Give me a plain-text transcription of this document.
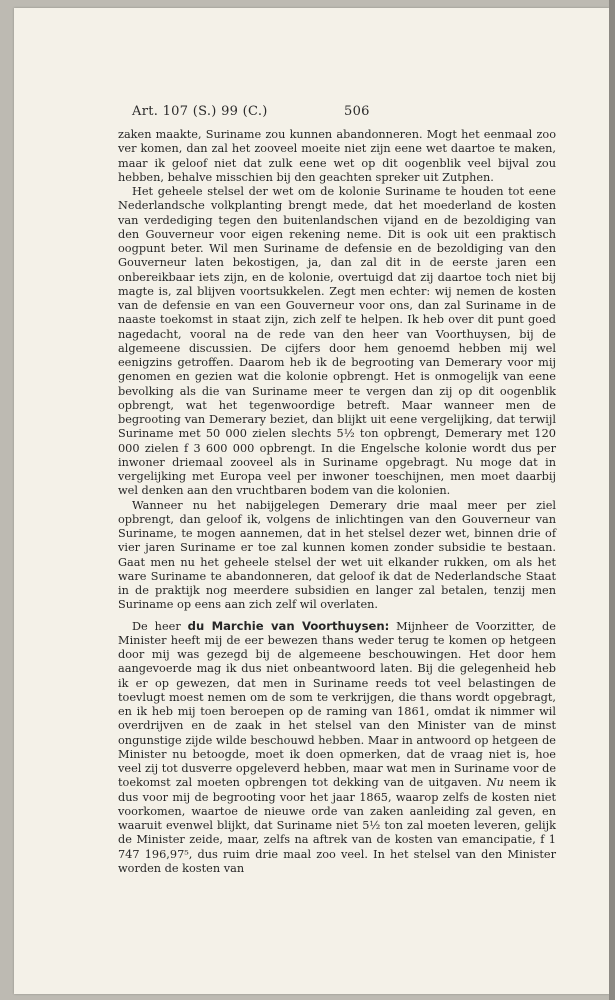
Art. 107 (S.) 99 (C.)	506

zaken maakte, Suriname zou kunnen abandonneren. Mogt het eenmaal zoo ver komen, dan zal het zooveel moeite niet zijn eene wet daartoe te maken, maar ik geloof niet dat zulk eene wet op dit oogenblik veel bijval zou hebben, behalve misschien bij den geachten spreker uit Zutphen.

Het geheele stelsel der wet om de kolonie Suriname te houden tot eene Nederlandsche volkplanting brengt mede, dat het moederland de kosten van verdediging tegen den buitenlandschen vijand en de bezoldiging van den Gouverneur voor eigen rekening neme. Dit is ook uit een praktisch oogpunt beter. Wil men Suriname de defensie en de bezoldiging van den Gouverneur laten bekostigen, ja, dan zal dit in de eerste jaren een onbereikbaar iets zijn, en de kolonie, overtuigd dat zij daartoe toch niet bij magte is, zal blijven voortsukkelen. Zegt men echter: wij nemen de kosten van de defensie en van een Gouverneur voor ons, dan zal Suriname in de naaste toekomst in staat zijn, zich zelf te helpen. Ik heb over dit punt goed nagedacht, vooral na de rede van den heer van Voorthuysen, bij de algemeene discussien. De cijfers door hem genoemd hebben mij wel eenigzins getroffen. Daarom heb ik de begrooting van Demerary voor mij genomen en gezien wat die kolonie opbrengt. Het is onmogelijk van eene bevolking als die van Suriname meer te vergen dan zij op dit oogenblik opbrengt, wat het tegenwoordige betreft. Maar wanneer men de begrooting van Demerary beziet, dan blijkt uit eene vergelijking, dat terwijl Suriname met 50 000 zielen slechts 5½ ton opbrengt, Demerary met 120 000 zielen f 3 600 000 opbrengt. In die Engelsche kolonie wordt dus per inwoner driemaal zooveel als in Suriname opgebragt. Nu moge dat in vergelijking met Europa veel per inwoner toeschijnen, men moet daarbij wel denken aan den vruchtbaren bodem van die kolonien.

Wanneer nu het nabijgelegen Demerary drie maal meer per ziel opbrengt, dan geloof ik, volgens de inlichtingen van den Gouverneur van Suriname, te mogen aannemen, dat in het stelsel dezer wet, binnen drie of vier jaren Suriname er toe zal kunnen komen zonder subsidie te bestaan. Gaat men nu het geheele stelsel der wet uit elkander rukken, om als het ware Suriname te abandonneren, dat geloof ik dat de Nederlandsche Staat in de praktijk nog meerdere subsidien en langer zal betalen, tenzij men Suriname op eens aan zich zelf wil overlaten.

De heer du Marchie van Voorthuysen: Mijnheer de Voorzitter, de Minister heeft mij de eer bewezen thans weder terug te komen op hetgeen door mij was gezegd bij de algemeene beschouwingen. Het door hem aangevoerde mag ik dus niet onbeantwoord laten. Bij die gelegenheid heb ik er op gewezen, dat men in Suriname reeds tot veel belastingen de toevlugt moest nemen om de som te verkrijgen, die thans wordt opgebragt, en ik heb mij toen beroepen op de raming van 1861, omdat ik nimmer wil overdrijven en de zaak in het stelsel van den Minister van de minst ongunstige zijde wilde beschouwd hebben. Maar in antwoord op hetgeen de Minister nu betoogde, moet ik doen opmerken, dat de vraag niet is, hoe veel zij tot dusverre opgeleverd hebben, maar wat men in Suriname voor de toekomst zal moeten opbrengen tot dekking van de uitgaven. Nu neem ik dus voor mij de begrooting voor het jaar 1865, waarop zelfs de kosten niet voorkomen, waartoe de nieuwe orde van zaken aanleiding zal geven, en waaruit evenwel blijkt, dat Suriname niet 5½ ton zal moeten leveren, gelijk de Minister zeide, maar, zelfs na aftrek van de kosten van emancipatie, f 1 747 196,97⁵, dus ruim drie maal zoo veel. In het stelsel van den Minister worden de kosten van
